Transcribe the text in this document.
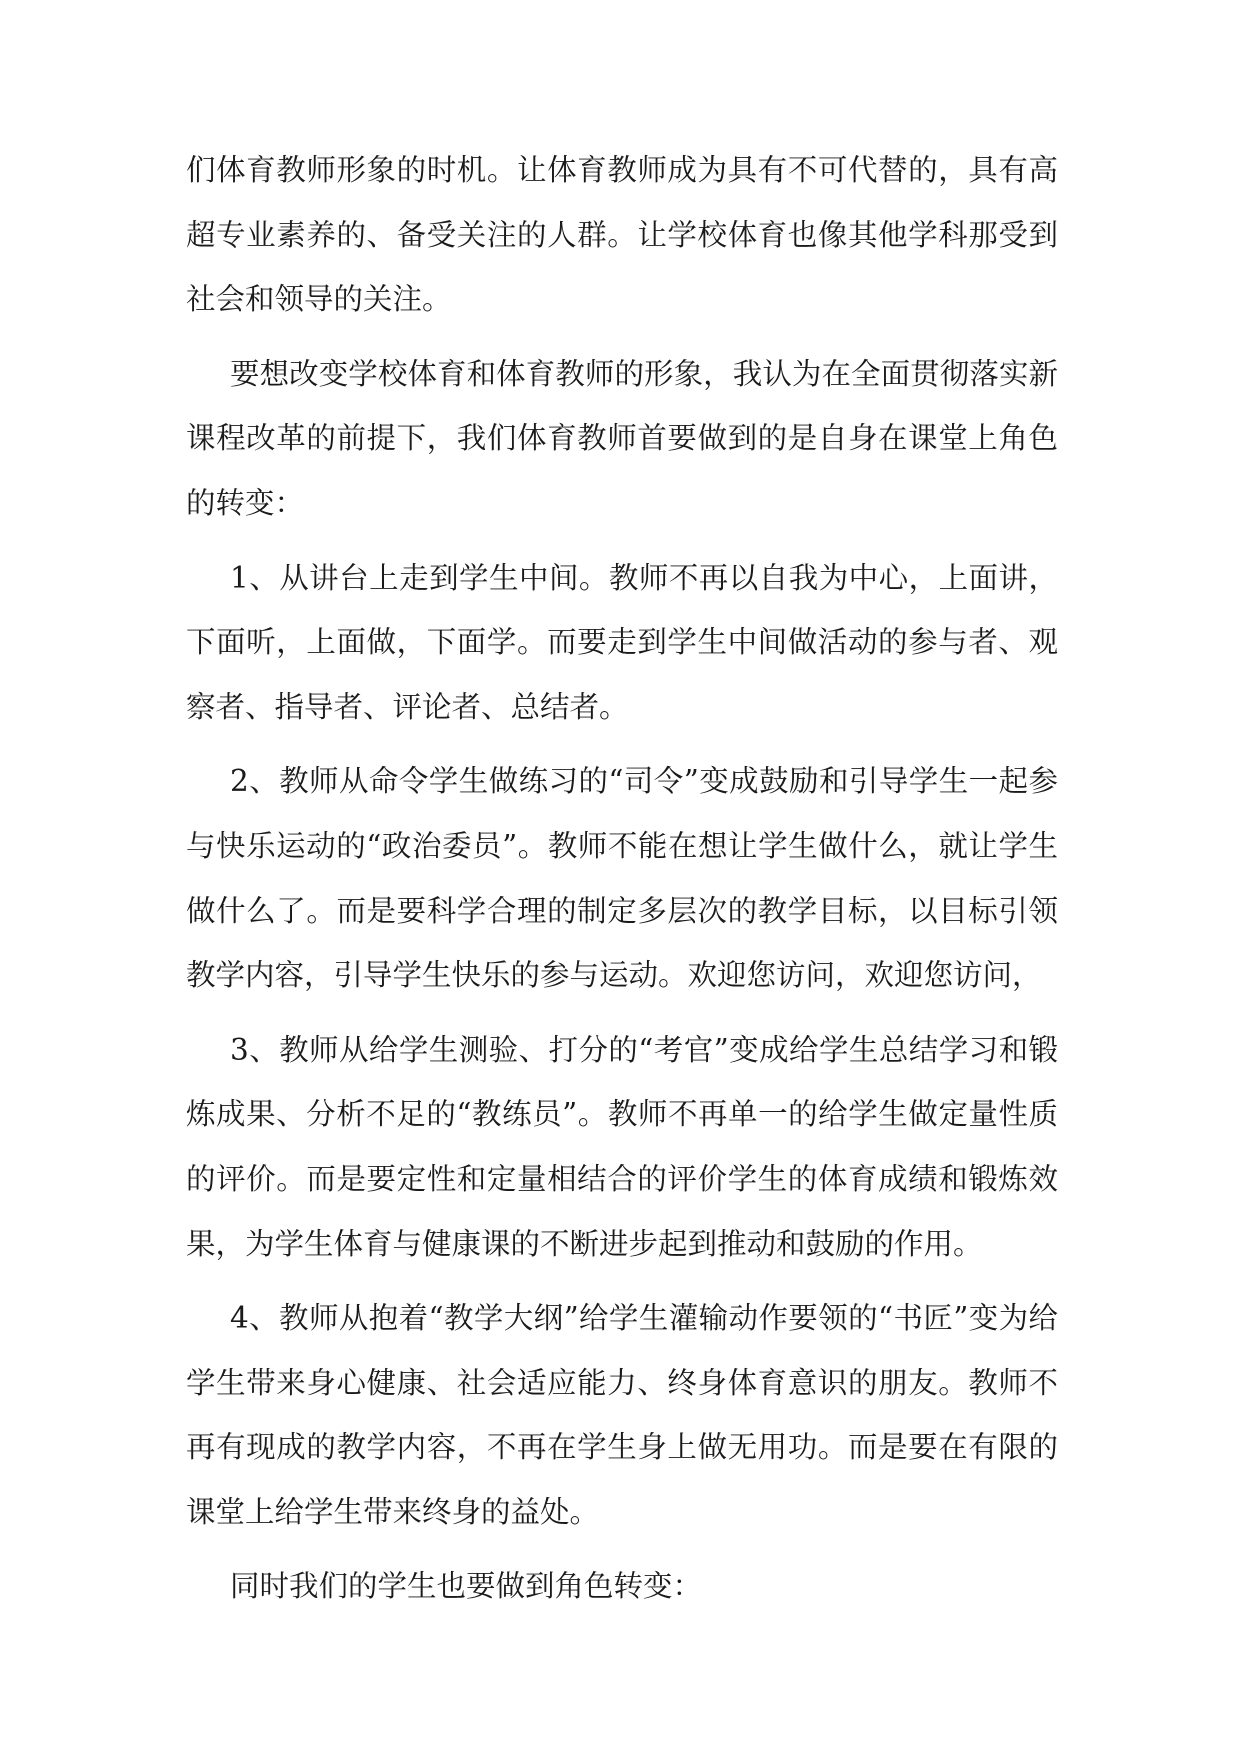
们体育教师形象的时机。让体育教师成为具有不可代替的，具有高超专业素养的、备受关注的人群。让学校体育也像其他学科那受到社会和领导的关注。

要想改变学校体育和体育教师的形象，我认为在全面贯彻落实新课程改革的前提下，我们体育教师首要做到的是自身在课堂上角色的转变：

1、从讲台上走到学生中间。教师不再以自我为中心，上面讲，下面听，上面做，下面学。而要走到学生中间做活动的参与者、观察者、指导者、评论者、总结者。

2、教师从命令学生做练习的“司令”变成鼓励和引导学生一起参与快乐运动的“政治委员”。教师不能在想让学生做什么，就让学生做什么了。而是要科学合理的制定多层次的教学目标，以目标引领教学内容，引导学生快乐的参与运动。欢迎您访问，欢迎您访问，

3、教师从给学生测验、打分的“考官”变成给学生总结学习和锻炼成果、分析不足的“教练员”。教师不再单一的给学生做定量性质的评价。而是要定性和定量相结合的评价学生的体育成绩和锻炼效果，为学生体育与健康课的不断进步起到推动和鼓励的作用。

4、教师从抱着“教学大纲”给学生灌输动作要领的“书匠”变为给学生带来身心健康、社会适应能力、终身体育意识的朋友。教师不再有现成的教学内容，不再在学生身上做无用功。而是要在有限的课堂上给学生带来终身的益处。

同时我们的学生也要做到角色转变：
